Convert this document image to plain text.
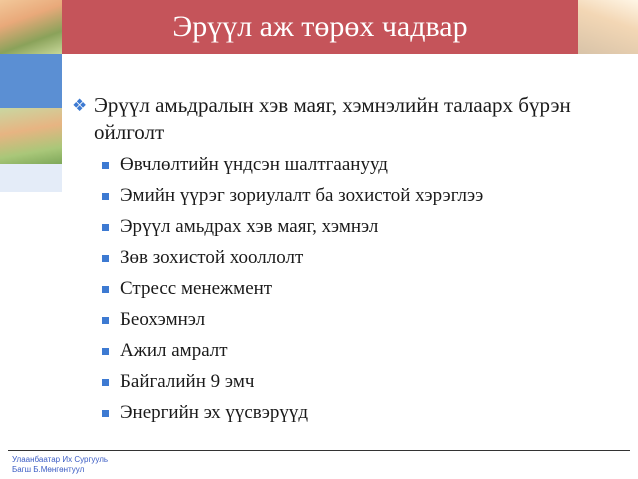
Эрүүл аж төрөх чадвар
❖ Эрүүл амьдралын хэв маяг, хэмнэлийн талаарх бүрэн ойлголт
Өвчлөлтийн үндсэн шалтгаанууд
Эмийн үүрэг зориулалт ба зохистой хэрэглээ
Эрүүл амьдрах хэв маяг, хэмнэл
Зөв зохистой хооллолт
Стресс менежмент
Беохэмнэл
Ажил амралт
Байгалийн 9 эмч
Энергийн эх үүсвэрүүд
Улаанбаатар Их Сургууль
Багш Б.Мөнгөнтуул
